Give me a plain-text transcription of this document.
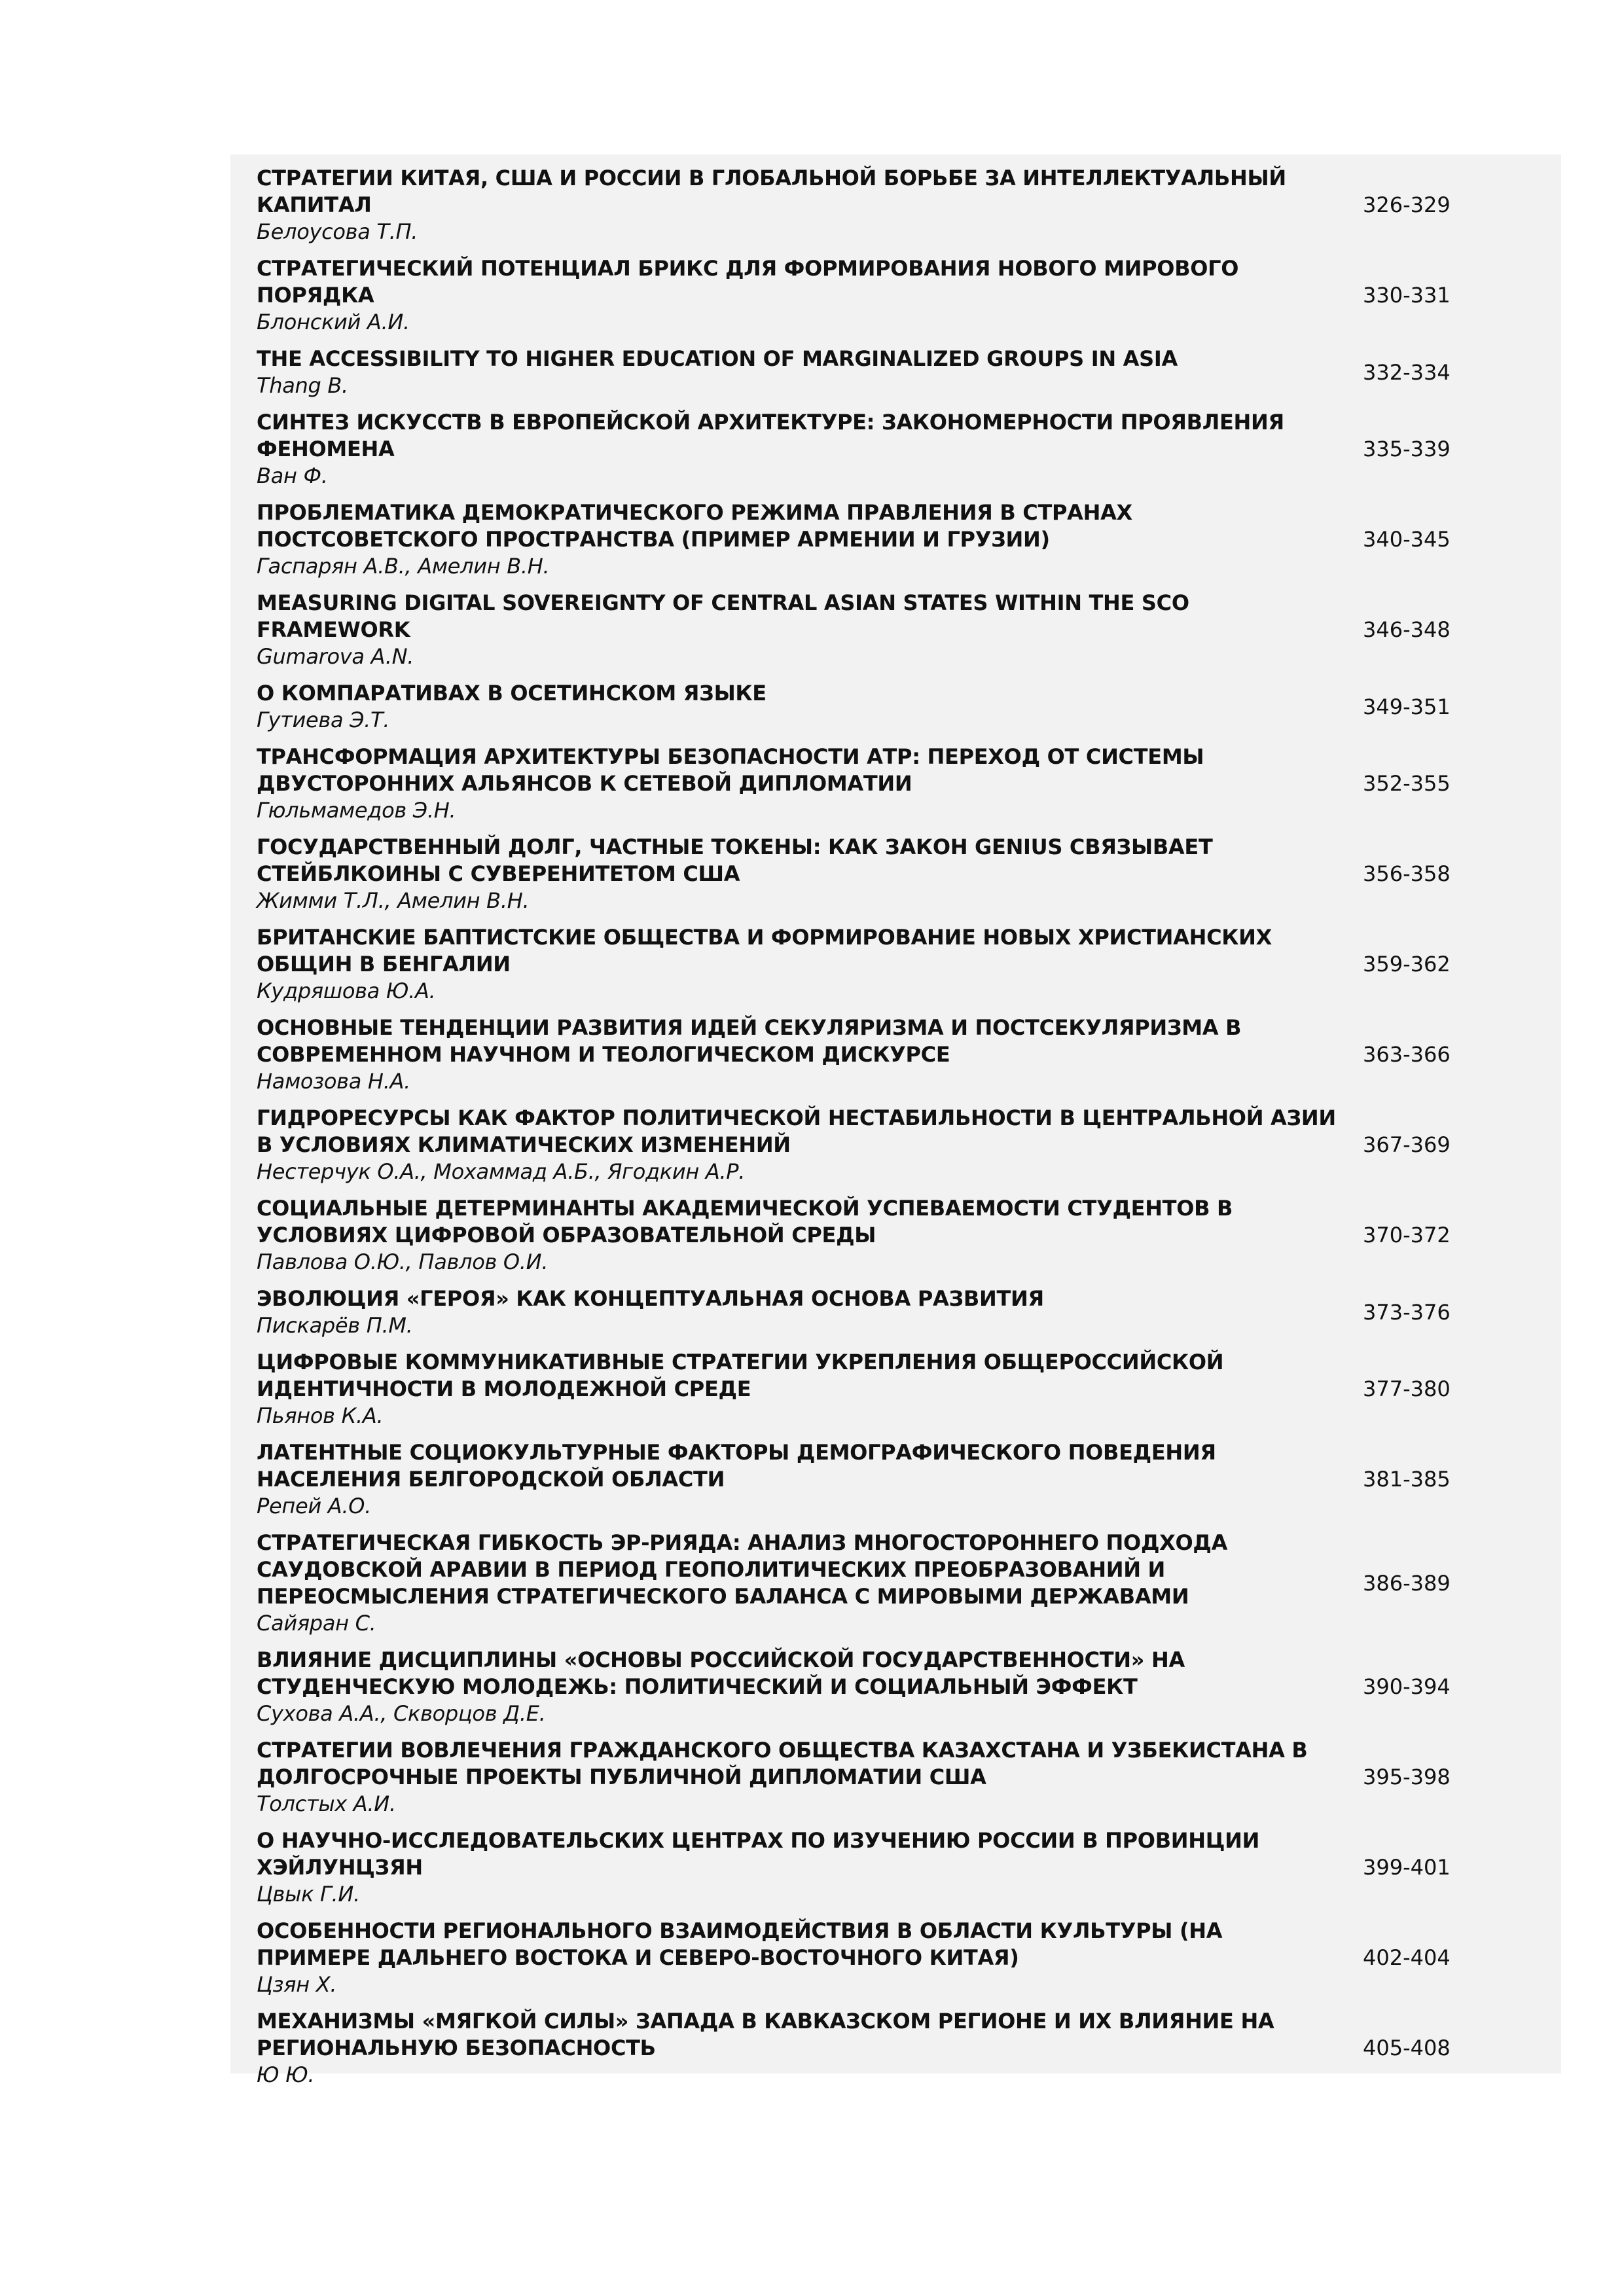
СТРАТЕГИИ КИТАЯ, США И РОССИИ В ГЛОБАЛЬНОЙ БОРЬБЕ ЗА ИНТЕЛЛЕКТУАЛЬНЫЙ КАПИТАЛ
Белоусова Т.П.
326-329
СТРАТЕГИЧЕСКИЙ ПОТЕНЦИАЛ БРИКС ДЛЯ ФОРМИРОВАНИЯ НОВОГО МИРОВОГО ПОРЯДКА
Блонский А.И.
330-331
THE ACCESSIBILITY TO HIGHER EDUCATION OF MARGINALIZED GROUPS IN ASIA
Thang B.
332-334
СИНТЕЗ ИСКУССТВ В ЕВРОПЕЙСКОЙ АРХИТЕКТУРЕ: ЗАКОНОМЕРНОСТИ ПРОЯВЛЕНИЯ ФЕНОМЕНА
Ван Ф.
335-339
ПРОБЛЕМАТИКА ДЕМОКРАТИЧЕСКОГО РЕЖИМА ПРАВЛЕНИЯ В СТРАНАХ ПОСТСОВЕТСКОГО ПРОСТРАНСТВА (ПРИМЕР АРМЕНИИ И ГРУЗИИ)
Гаспарян А.В., Амелин В.Н.
340-345
MEASURING DIGITAL SOVEREIGNTY OF CENTRAL ASIAN STATES WITHIN THE SCO FRAMEWORK
Gumarova A.N.
346-348
О КОМПАРАТИВАХ В ОСЕТИНСКОМ ЯЗЫКЕ
Гутиева Э.Т.
349-351
ТРАНСФОРМАЦИЯ АРХИТЕКТУРЫ БЕЗОПАСНОСТИ АТР: ПЕРЕХОД ОТ СИСТЕМЫ ДВУСТОРОННИХ АЛЬЯНСОВ К СЕТЕВОЙ ДИПЛОМАТИИ
Гюльмамедов Э.Н.
352-355
ГОСУДАРСТВЕННЫЙ ДОЛГ, ЧАСТНЫЕ ТОКЕНЫ: КАК ЗАКОН GENIUS СВЯЗЫВАЕТ СТЕЙБЛКОИНЫ С СУВЕРЕНИТЕТОМ США
Жимми Т.Л., Амелин В.Н.
356-358
БРИТАНСКИЕ БАПТИСТСКИЕ ОБЩЕСТВА И ФОРМИРОВАНИЕ НОВЫХ ХРИСТИАНСКИХ ОБЩИН В БЕНГАЛИИ
Кудряшова Ю.А.
359-362
ОСНОВНЫЕ ТЕНДЕНЦИИ РАЗВИТИЯ ИДЕЙ СЕКУЛЯРИЗМА И ПОСТСЕКУЛЯРИЗМА В СОВРЕМЕННОМ НАУЧНОМ И ТЕОЛОГИЧЕСКОМ ДИСКУРСЕ
Намозова Н.А.
363-366
ГИДРОРЕСУРСЫ КАК ФАКТОР ПОЛИТИЧЕСКОЙ НЕСТАБИЛЬНОСТИ В ЦЕНТРАЛЬНОЙ АЗИИ В УСЛОВИЯХ КЛИМАТИЧЕСКИХ ИЗМЕНЕНИЙ
Нестерчук О.А., Мохаммад А.Б., Ягодкин А.Р.
367-369
СОЦИАЛЬНЫЕ ДЕТЕРМИНАНТЫ АКАДЕМИЧЕСКОЙ УСПЕВАЕМОСТИ СТУДЕНТОВ В УСЛОВИЯХ ЦИФРОВОЙ ОБРАЗОВАТЕЛЬНОЙ СРЕДЫ
Павлова О.Ю., Павлов О.И.
370-372
ЭВОЛЮЦИЯ «ГЕРОЯ» КАК КОНЦЕПТУАЛЬНАЯ ОСНОВА РАЗВИТИЯ
Пискарёв П.М.
373-376
ЦИФРОВЫЕ КОММУНИКАТИВНЫЕ СТРАТЕГИИ УКРЕПЛЕНИЯ ОБЩЕРОССИЙСКОЙ ИДЕНТИЧНОСТИ В МОЛОДЕЖНОЙ СРЕДЕ
Пьянов К.А.
377-380
ЛАТЕНТНЫЕ СОЦИОКУЛЬТУРНЫЕ ФАКТОРЫ ДЕМОГРАФИЧЕСКОГО ПОВЕДЕНИЯ НАСЕЛЕНИЯ БЕЛГОРОДСКОЙ ОБЛАСТИ
Репей А.О.
381-385
СТРАТЕГИЧЕСКАЯ ГИБКОСТЬ ЭР-РИЯДА: АНАЛИЗ МНОГОСТОРОННЕГО ПОДХОДА САУДОВСКОЙ АРАВИИ В ПЕРИОД ГЕОПОЛИТИЧЕСКИХ ПРЕОБРАЗОВАНИЙ И ПЕРЕОСМЫСЛЕНИЯ СТРАТЕГИЧЕСКОГО БАЛАНСА С МИРОВЫМИ ДЕРЖАВАМИ
Сайяран С.
386-389
ВЛИЯНИЕ ДИСЦИПЛИНЫ «ОСНОВЫ РОССИЙСКОЙ ГОСУДАРСТВЕННОСТИ» НА СТУДЕНЧЕСКУЮ МОЛОДЕЖЬ: ПОЛИТИЧЕСКИЙ И СОЦИАЛЬНЫЙ ЭФФЕКТ
Сухова А.А., Скворцов Д.Е.
390-394
СТРАТЕГИИ ВОВЛЕЧЕНИЯ ГРАЖДАНСКОГО ОБЩЕСТВА КАЗАХСТАНА И УЗБЕКИСТАНА В ДОЛГОСРОЧНЫЕ ПРОЕКТЫ ПУБЛИЧНОЙ ДИПЛОМАТИИ США
Толстых А.И.
395-398
О НАУЧНО-ИССЛЕДОВАТЕЛЬСКИХ ЦЕНТРАХ ПО ИЗУЧЕНИЮ РОССИИ В ПРОВИНЦИИ ХЭЙЛУНЦЗЯН
Цвык Г.И.
399-401
ОСОБЕННОСТИ РЕГИОНАЛЬНОГО ВЗАИМОДЕЙСТВИЯ В ОБЛАСТИ КУЛЬТУРЫ (НА ПРИМЕРЕ ДАЛЬНЕГО ВОСТОКА И СЕВЕРО-ВОСТОЧНОГО КИТАЯ)
Цзян Х.
402-404
МЕХАНИЗМЫ «МЯГКОЙ СИЛЫ» ЗАПАДА В КАВКАЗСКОМ РЕГИОНЕ И ИХ ВЛИЯНИЕ НА РЕГИОНАЛЬНУЮ БЕЗОПАСНОСТЬ
Ю Ю.
405-408
